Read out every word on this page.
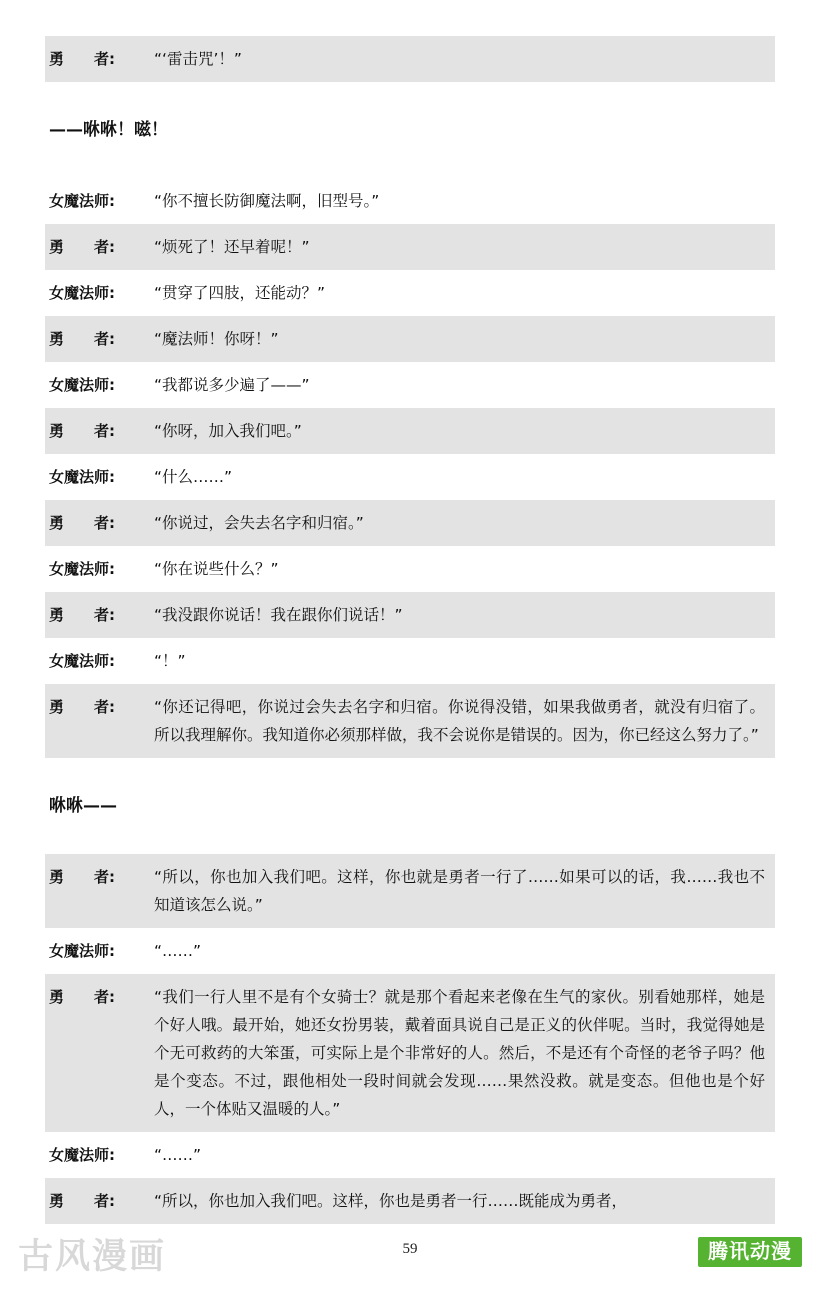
勇　　者:	“‘雷击咒’！”

——咻咻！嗞！
女魔法师:	“你不擅长防御魔法啊，旧型号。”

勇　　者:	“烦死了！还早着呢！”

女魔法师:	“贯穿了四肢，还能动？”

勇　　者:	“魔法师！你呀！”

女魔法师:	“我都说多少遍了——”

勇　　者:	“你呀，加入我们吧。”

女魔法师:	“什么……”

勇　　者:	“你说过，会失去名字和归宿。”

女魔法师:	“你在说些什么？”

勇　　者:	“我没跟你说话！我在跟你们说话！”

女魔法师:	“！”

勇　　者:	“你还记得吧，你说过会失去名字和归宿。你说得没错，如果我做勇者，就没有归宿了。所以我理解你。我知道你必须那样做，我不会说你是错误的。因为，你已经这么努力了。”

咻咻——
勇　　者:	“所以，你也加入我们吧。这样，你也就是勇者一行了……如果可以的话，我……我也不知道该怎么说。”

女魔法师:	“……”

勇　　者:	“我们一行人里不是有个女骑士？就是那个看起来老像在生气的家伙。别看她那样，她是个好人哦。最开始，她还女扮男装，戴着面具说自己是正义的伙伴呢。当时，我觉得她是个无可救药的大笨蛋，可实际上是个非常好的人。然后，不是还有个奇怪的老爷子吗？他是个变态。不过，跟他相处一段时间就会发现……果然没救。就是变态。但他也是个好人，一个体贴又温暖的人。”

女魔法师:	“……”

勇　　者:	“所以，你也加入我们吧。这样，你也是勇者一行……既能成为勇者，

59
古风漫画	腾讯动漫
